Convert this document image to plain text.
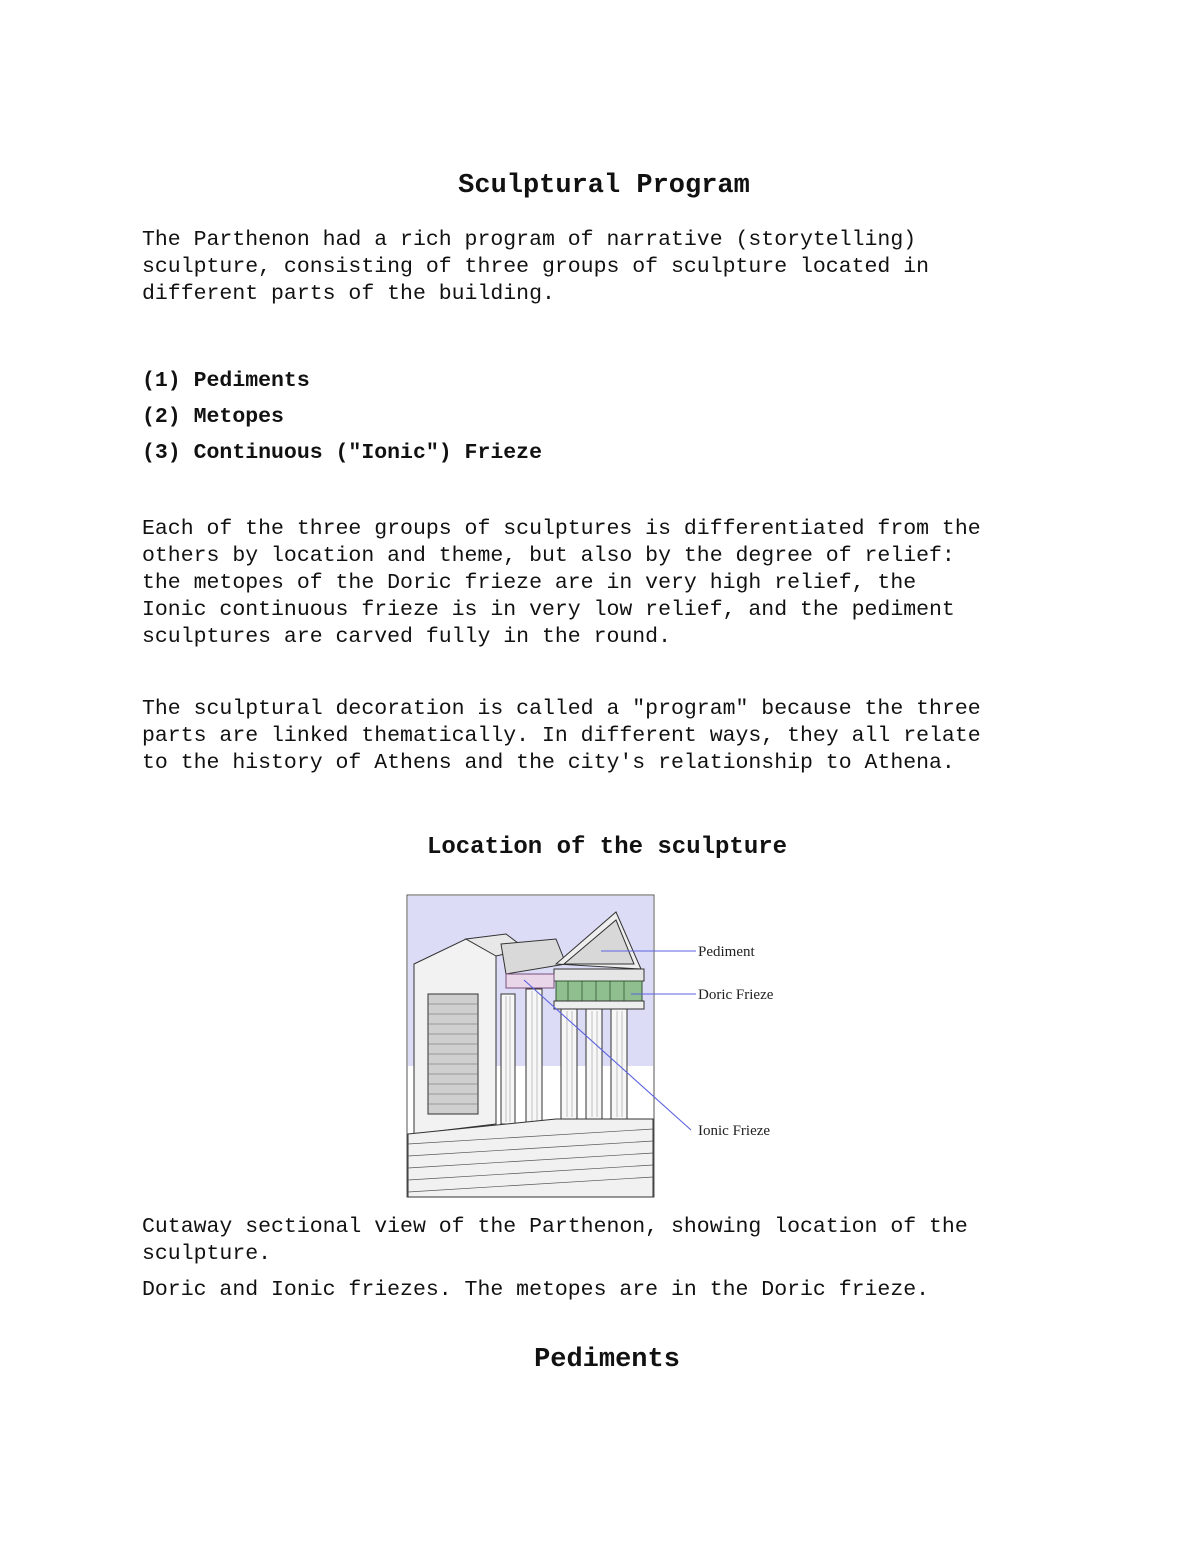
Sculptural Program

The Parthenon had a rich program of narrative (storytelling)
sculpture, consisting of three groups of sculpture located in
different parts of the building.

(1) Pediments
(2) Metopes
(3) Continuous ("Ionic") Frieze

Each of the three groups of sculptures is differentiated from the
others by location and theme, but also by the degree of relief:
the metopes of the Doric frieze are in very high relief, the
Ionic continuous frieze is in very low relief, and the pediment
sculptures are carved fully in the round.

The sculptural decoration is called a "program" because the three
parts are linked thematically. In different ways, they all relate
to the history of Athens and the city's relationship to Athena.

Location of the sculpture
Pediment
Doric Frieze
Ionic Frieze

Cutaway sectional view of the Parthenon, showing location of the
sculpture.

Doric and Ionic friezes. The metopes are in the Doric frieze.

Pediments
